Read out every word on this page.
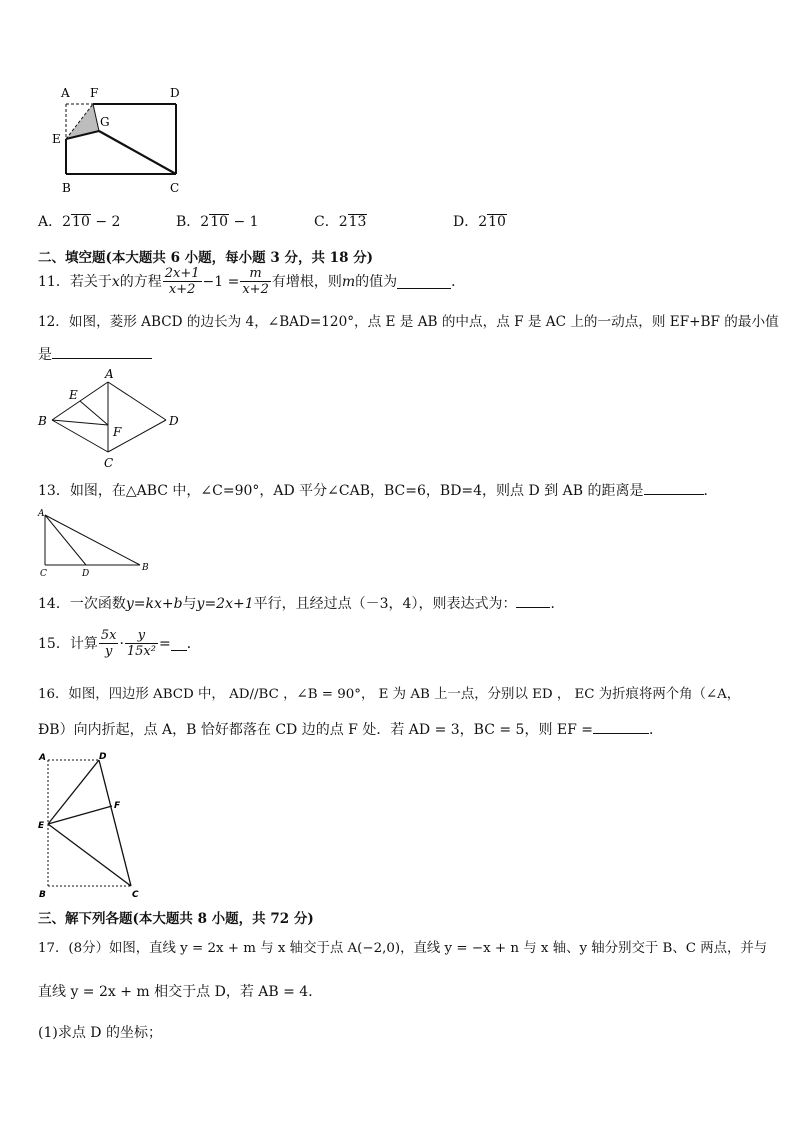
A F	D
E
G
B	C
A．210 − 2	B．210 − 1	C．213	D．210
二、填空题(本大题共 6 小题，每小题 3 分，共 18 分)
11．若关于 x 的方程 $\frac{2x+1}{x+2} -1 = \frac{m}{x+2}$ 有增根，则 m 的值为	．
12．如图，菱形 ABCD 的边长为 4，∠BAD=120°，点 E 是 AB 的中点，点 F 是 AC 上的一动点，则 EF+BF 的最小值
是
A
E
B
F
D
C
13．如图，在△ABC 中，∠C=90°，AD 平分∠CAB，BC=6，BD=4，则点 D 到 AB 的距离是	．
A
C	D
B
14．一次函数y=kx+b与y=2x+1平行，且经过点（－3，4），则表达式为： ．
15．计算 $\frac{5x}{y} \cdot \frac{y}{\text{15x²}}$ = ．
16．如图，四边形 ABCD 中， AD//BC ，∠B = 90°， E 为 AB 上一点，分别以 ED ， EC 为折痕将两个角（∠A，
ÐB）向内折起，点 A，B 恰好都落在 CD 边的点 F 处．若 AD = 3，BC = 5，则 EF =	．
A	D
F
E
B	C
三、解下列各题(本大题共 8 小题，共 72 分)
17．(8分）如图，直线 y = 2x + m 与 x 轴交于点 A(−2,0)，直线 y = −x + n 与 x 轴、y 轴分别交于 B、C 两点，并与
直线 y = 2x + m 相交于点 D，若 AB = 4．
(1)求点 D 的坐标；
